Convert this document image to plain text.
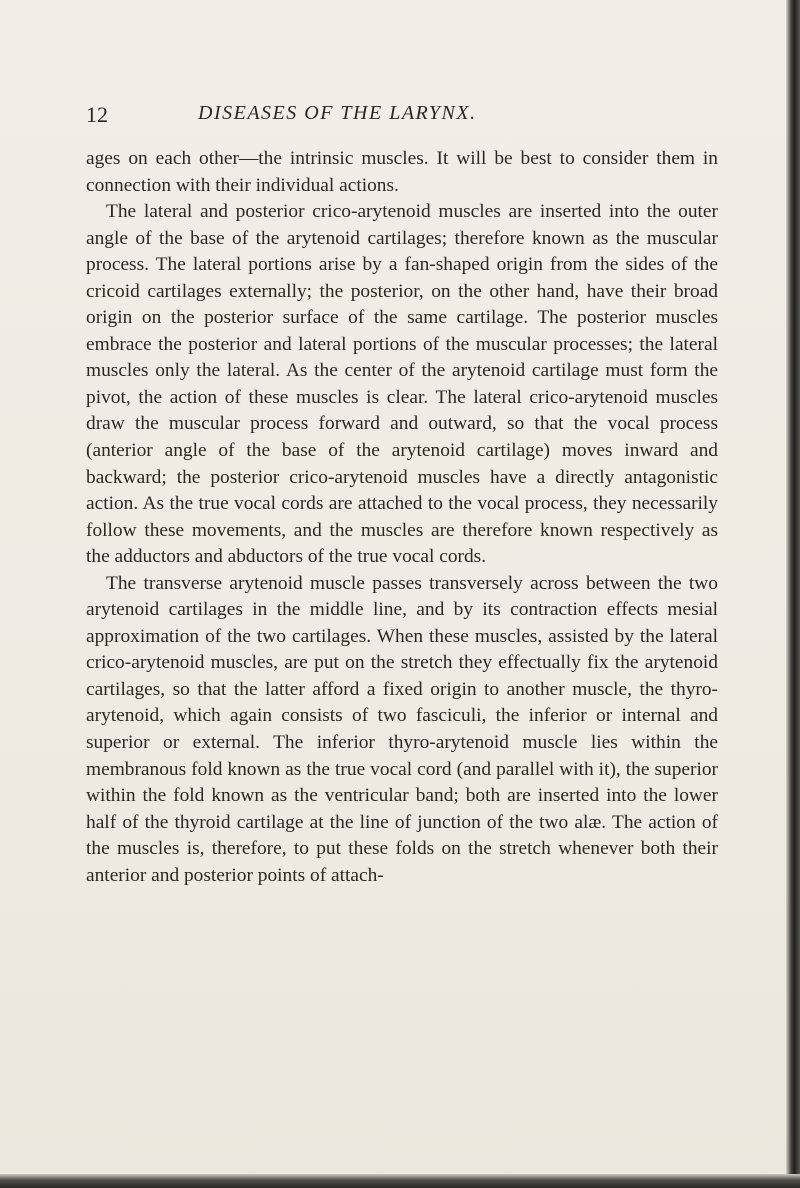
12	DISEASES OF THE LARYNX.

ages on each other—the intrinsic muscles. It will be best to consider them in connection with their individual actions.

The lateral and posterior crico-arytenoid muscles are inserted into the outer angle of the base of the arytenoid cartilages; therefore known as the muscular process. The lateral portions arise by a fan-shaped origin from the sides of the cricoid cartilages externally; the posterior, on the other hand, have their broad origin on the posterior surface of the same cartilage. The posterior muscles embrace the posterior and lateral portions of the muscular processes; the lateral muscles only the lateral. As the center of the arytenoid cartilage must form the pivot, the action of these muscles is clear. The lateral crico-arytenoid muscles draw the muscular process forward and outward, so that the vocal process (anterior angle of the base of the arytenoid cartilage) moves inward and backward; the posterior crico-arytenoid muscles have a directly antagonistic action. As the true vocal cords are attached to the vocal process, they necessarily follow these movements, and the muscles are therefore known respectively as the adductors and abductors of the true vocal cords.

The transverse arytenoid muscle passes transversely across between the two arytenoid cartilages in the middle line, and by its contraction effects mesial approximation of the two cartilages. When these muscles, assisted by the lateral crico-arytenoid muscles, are put on the stretch they effectually fix the arytenoid cartilages, so that the latter afford a fixed origin to another muscle, the thyro-arytenoid, which again consists of two fasciculi, the inferior or internal and superior or external. The inferior thyro-arytenoid muscle lies within the membranous fold known as the true vocal cord (and parallel with it), the superior within the fold known as the ventricular band; both are inserted into the lower half of the thyroid cartilage at the line of junction of the two alæ. The action of the muscles is, therefore, to put these folds on the stretch whenever both their anterior and posterior points of attach-
